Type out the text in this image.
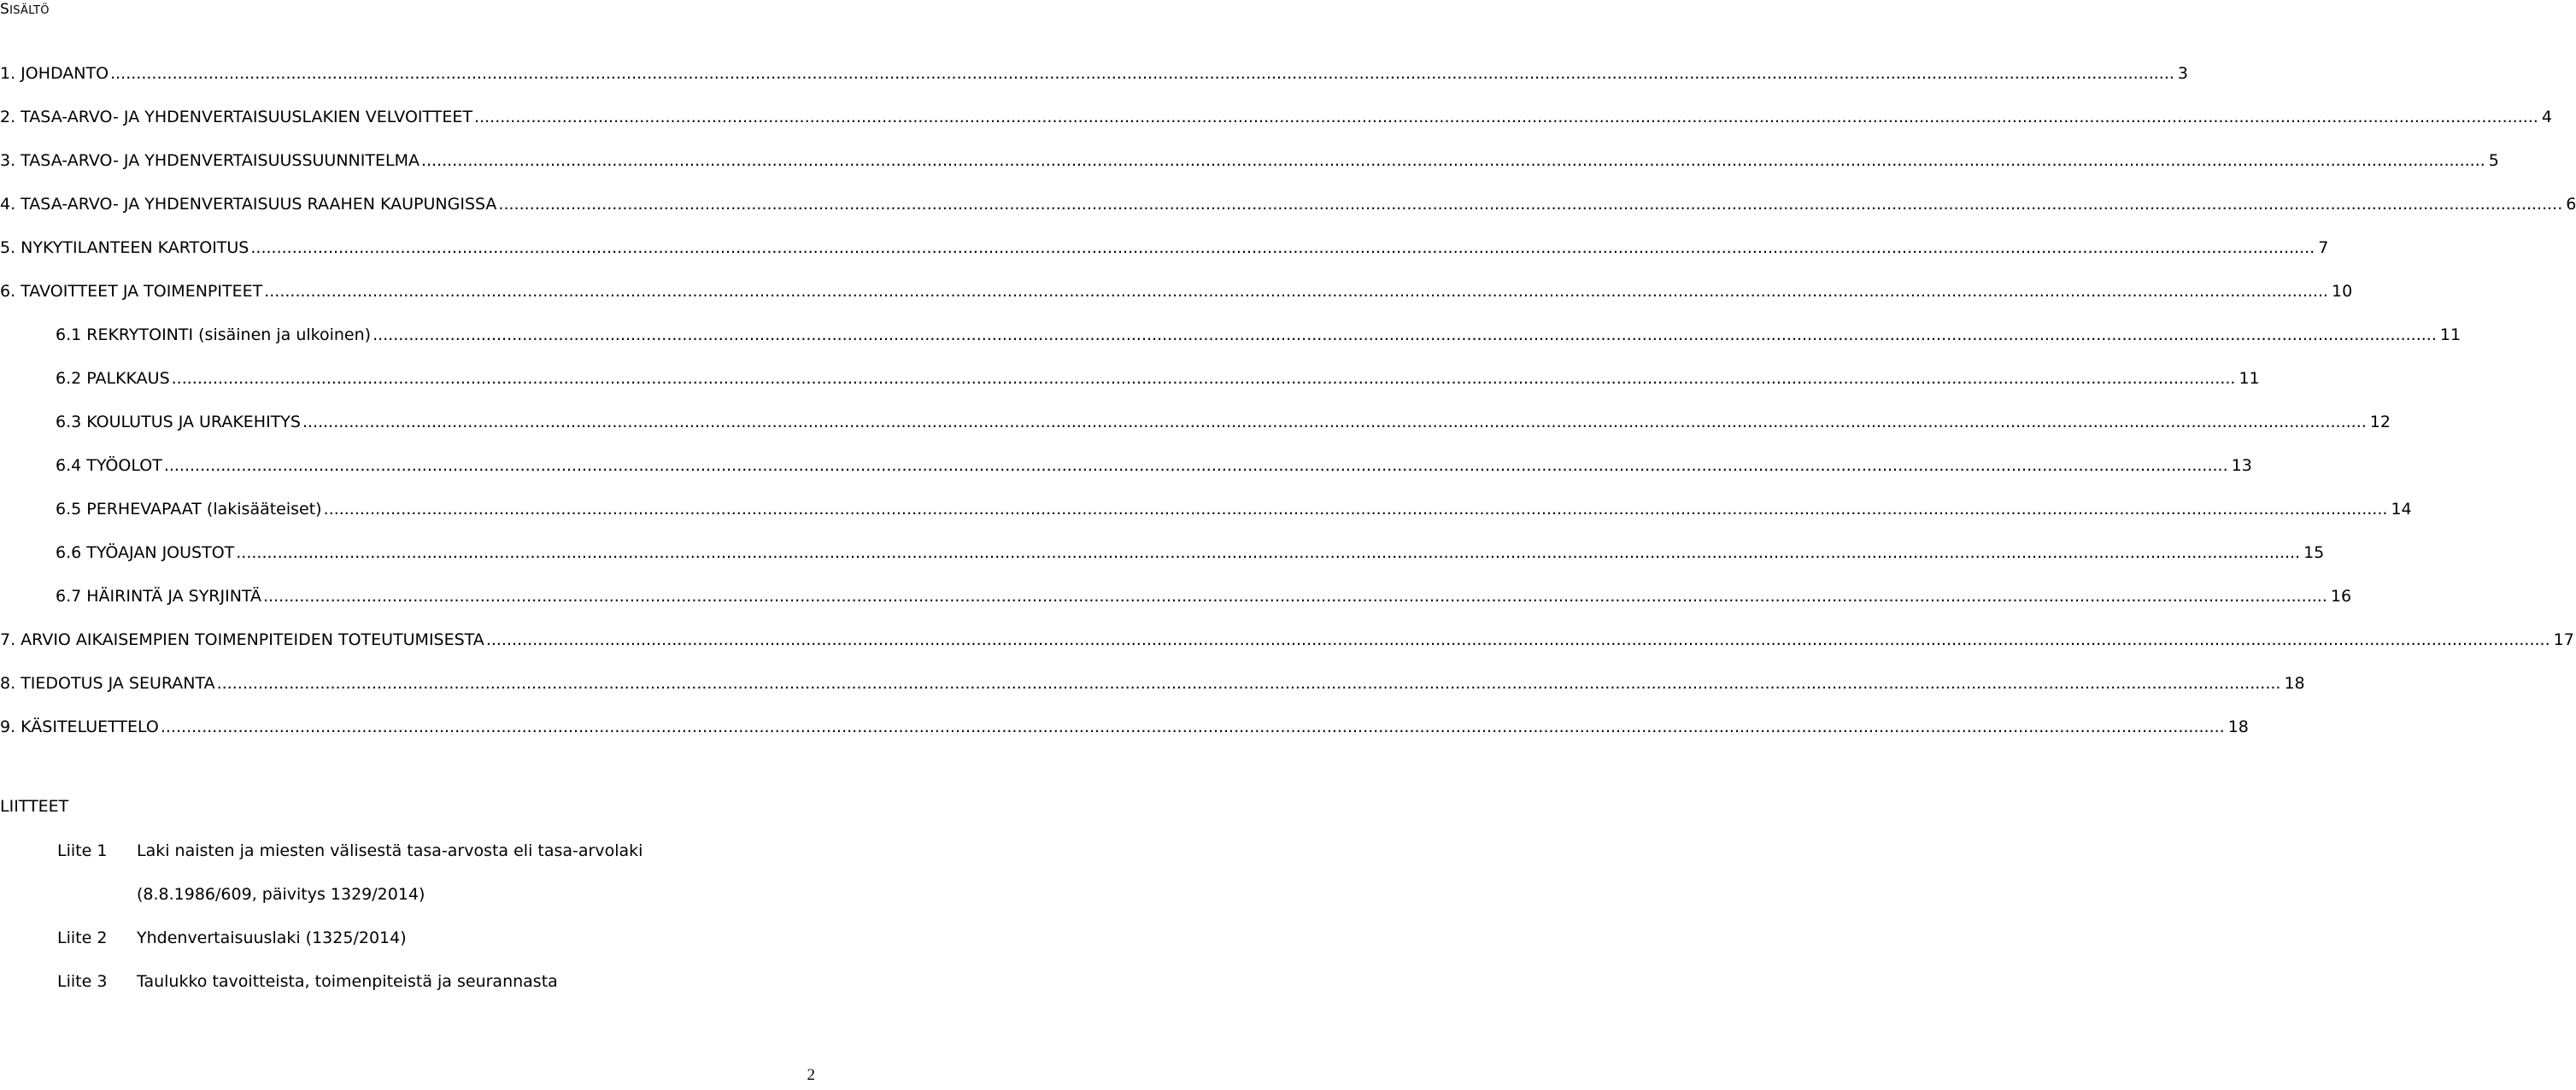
SISÄLTÖ
1. JOHDANTO ................................................................................................................................................................................................................................................................................................................................................................................................................ 3
2. TASA-ARVO- JA YHDENVERTAISUUSLAKIEN VELVOITTEET ................................................................................................................................................................................................................................................................................................................................................................................................................ 4
3. TASA-ARVO- JA YHDENVERTAISUUSSUUNNITELMA ................................................................................................................................................................................................................................................................................................................................................................................................................ 5
4. TASA-ARVO- JA YHDENVERTAISUUS RAAHEN KAUPUNGISSA ................................................................................................................................................................................................................................................................................................................................................................................................................ 6
5. NYKYTILANTEEN KARTOITUS ................................................................................................................................................................................................................................................................................................................................................................................................................ 7
6. TAVOITTEET JA TOIMENPITEET ................................................................................................................................................................................................................................................................................................................................................................................................................ 10
6.1 REKRYTOINTI (sisäinen ja ulkoinen) ................................................................................................................................................................................................................................................................................................................................................................................................................ 11
6.2 PALKKAUS ................................................................................................................................................................................................................................................................................................................................................................................................................ 11
6.3 KOULUTUS JA URAKEHITYS ................................................................................................................................................................................................................................................................................................................................................................................................................ 12
6.4 TYÖOLOT ................................................................................................................................................................................................................................................................................................................................................................................................................ 13
6.5 PERHEVAPAAT (lakisääteiset) ................................................................................................................................................................................................................................................................................................................................................................................................................ 14
6.6 TYÖAJAN JOUSTOT ................................................................................................................................................................................................................................................................................................................................................................................................................ 15
6.7 HÄIRINTÄ JA SYRJINTÄ ................................................................................................................................................................................................................................................................................................................................................................................................................ 16
7. ARVIO AIKAISEMPIEN TOIMENPITEIDEN TOTEUTUMISESTA ................................................................................................................................................................................................................................................................................................................................................................................................................ 17
8. TIEDOTUS JA SEURANTA ................................................................................................................................................................................................................................................................................................................................................................................................................ 18
9. KÄSITELUETTELO ................................................................................................................................................................................................................................................................................................................................................................................................................ 18
LIITTEET
Liite 1 Laki naisten ja miesten välisestä tasa-arvosta eli tasa-arvolaki
(8.8.1986/609, päivitys 1329/2014)
Liite 2 Yhdenvertaisuuslaki (1325/2014)
Liite 3 Taulukko tavoitteista, toimenpiteistä ja seurannasta
2
